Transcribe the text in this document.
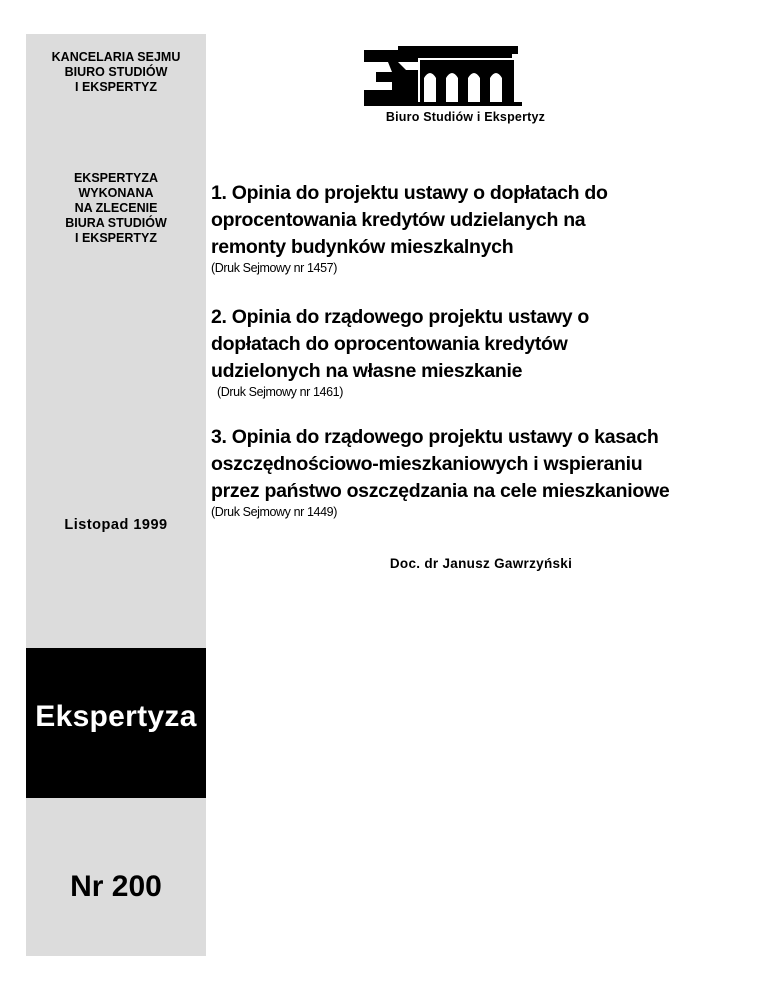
KANCELARIA SEJMU
BIURO STUDIÓW
I EKSPERTYZ
EKSPERTYZA
WYKONANA
NA ZLECENIE
BIURA STUDIÓW
I EKSPERTYZ
Listopad 1999
Ekspertyza
Nr 200
Biuro Studiów i Ekspertyz
1. Opinia do projektu ustawy o dopłatach do
oprocentowania kredytów udzielanych na
remonty budynków mieszkalnych
(Druk Sejmowy nr 1457)
2. Opinia do rządowego projektu ustawy o
dopłatach do oprocentowania kredytów
udzielonych na własne mieszkanie
(Druk Sejmowy nr 1461)
3. Opinia do rządowego projektu ustawy o kasach
oszczędnościowo-mieszkaniowych i wspieraniu
przez państwo oszczędzania na cele mieszkaniowe
(Druk Sejmowy nr 1449)
Doc. dr Janusz Gawrzyński
